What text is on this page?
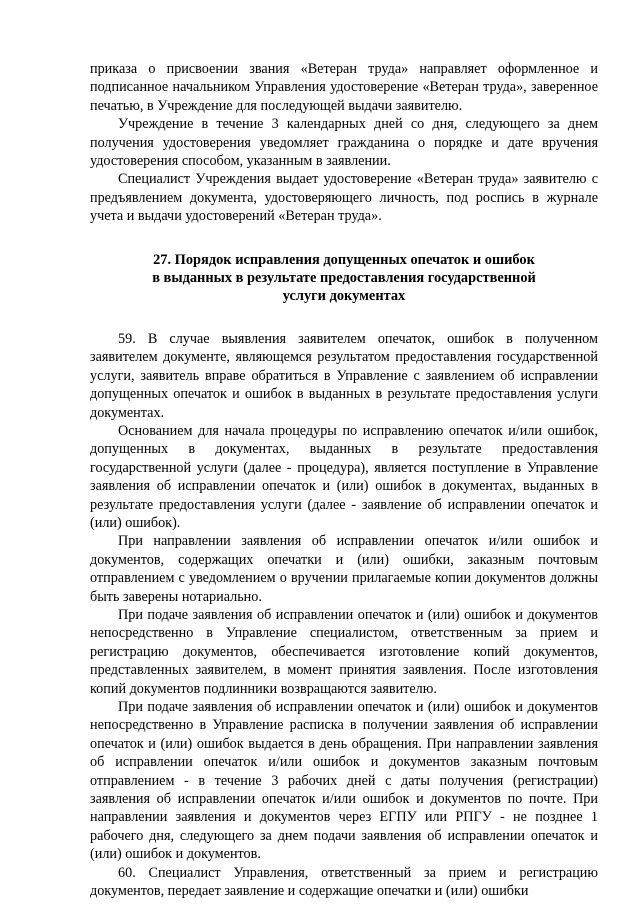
приказа о присвоении звания «Ветеран труда» направляет оформленное и подписанное начальником Управления удостоверение «Ветеран труда», заверенное печатью, в Учреждение для последующей выдачи заявителю.

Учреждение в течение 3 календарных дней со дня, следующего за днем получения удостоверения уведомляет гражданина о порядке и дате вручения удостоверения способом, указанным в заявлении.

Специалист Учреждения выдает удостоверение «Ветеран труда» заявителю с предъявлением документа, удостоверяющего личность, под роспись в журнале учета и выдачи удостоверений «Ветеран труда».

27. Порядок исправления допущенных опечаток и ошибок
в выданных в результате предоставления государственной
услуги документах

59. В случае выявления заявителем опечаток, ошибок в полученном заявителем документе, являющемся результатом предоставления государственной услуги, заявитель вправе обратиться в Управление с заявлением об исправлении допущенных опечаток и ошибок в выданных в результате предоставления услуги документах.

Основанием для начала процедуры по исправлению опечаток и/или ошибок, допущенных в документах, выданных в результате предоставления государственной услуги (далее - процедура), является поступление в Управление заявления об исправлении опечаток и (или) ошибок в документах, выданных в результате предоставления услуги (далее - заявление об исправлении опечаток и (или) ошибок).

При направлении заявления об исправлении опечаток и/или ошибок и документов, содержащих опечатки и (или) ошибки, заказным почтовым отправлением с уведомлением о вручении прилагаемые копии документов должны быть заверены нотариально.

При подаче заявления об исправлении опечаток и (или) ошибок и документов непосредственно в Управление специалистом, ответственным за прием и регистрацию документов, обеспечивается изготовление копий документов, представленных заявителем, в момент принятия заявления. После изготовления копий документов подлинники возвращаются заявителю.

При подаче заявления об исправлении опечаток и (или) ошибок и документов непосредственно в Управление расписка в получении заявления об исправлении опечаток и (или) ошибок выдается в день обращения. При направлении заявления об исправлении опечаток и/или ошибок и документов заказным почтовым отправлением - в течение 3 рабочих дней с даты получения (регистрации) заявления об исправлении опечаток и/или ошибок и документов по почте. При направлении заявления и документов через ЕГПУ или РПГУ - не позднее 1 рабочего дня, следующего за днем подачи заявления об исправлении опечаток и (или) ошибок и документов.

60. Специалист Управления, ответственный за прием и регистрацию документов, передает заявление и содержащие опечатки и (или) ошибки
